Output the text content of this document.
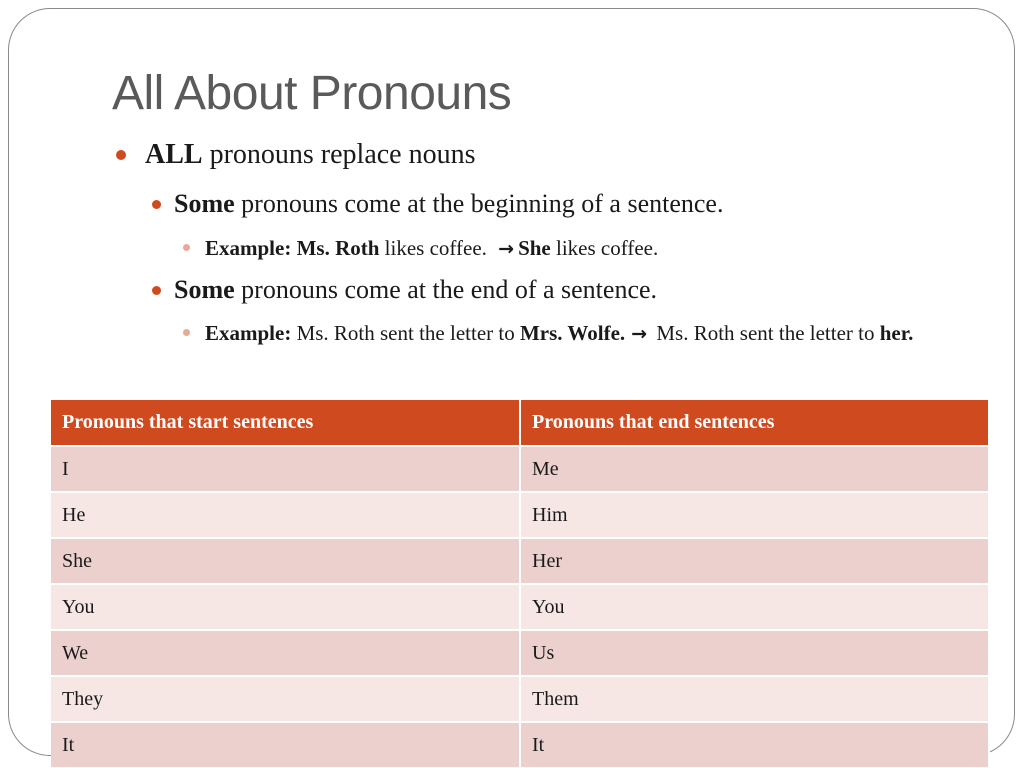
All About Pronouns
ALL pronouns replace nouns
Some pronouns come at the beginning of a sentence.
Example: Ms. Roth likes coffee. → She likes coffee.
Some pronouns come at the end of a sentence.
Example: Ms. Roth sent the letter to Mrs. Wolfe. → Ms. Roth sent the letter to her.
Pronouns that start sentences	Pronouns that end sentences
I	Me
He	Him
She	Her
You	You
We	Us
They	Them
It	It
